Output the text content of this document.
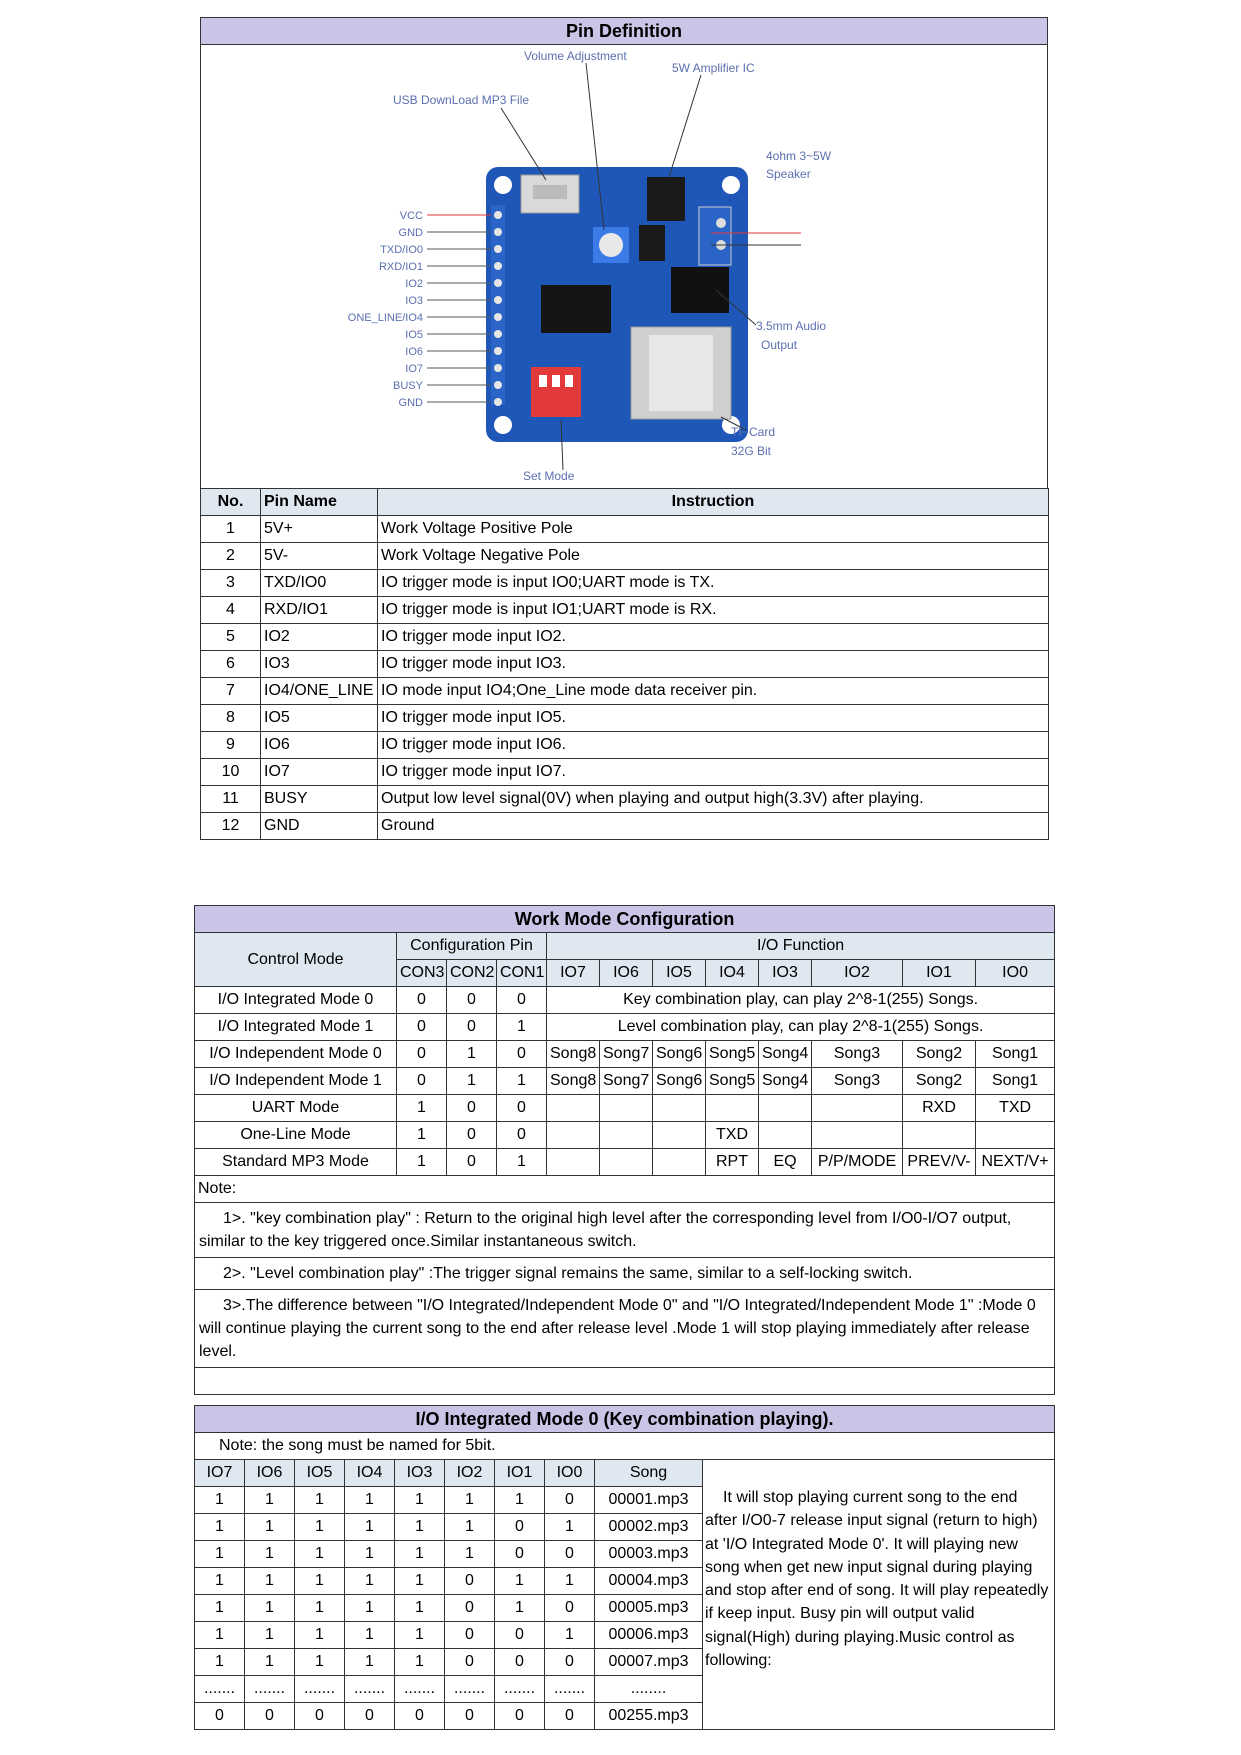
Pin Definition
VCC
GND
TXD/IO0
RXD/IO1
IO2
IO3
ONE_LINE/IO4
IO5
IO6
IO7
BUSY
GND
Volume Adjustment
5W Amplifier IC
USB DownLoad MP3 File
4ohm 3~5W
Speaker
3.5mm Audio
Output
TF Card
32G Bit
Set Mode
No.	Pin Name	Instruction
1	5V+	Work Voltage Positive Pole
2	5V-	Work Voltage Negative Pole
3	TXD/IO0	IO trigger mode is input IO0;UART mode is TX.
4	RXD/IO1	IO trigger mode is input IO1;UART mode is RX.
5	IO2	IO trigger mode input IO2.
6	IO3	IO trigger mode input IO3.
7	IO4/ONE_LINE	IO mode input IO4;One_Line mode data receiver pin.
8	IO5	IO trigger mode input IO5.
9	IO6	IO trigger mode input IO6.
10	IO7	IO trigger mode input IO7.
11	BUSY	Output low level signal(0V) when playing and output high(3.3V) after playing.
12	GND	Ground
Work Mode Configuration											
Control Mode	Configuration Pin			I/O Function							
	CON3	CON2	CON1	IO7	IO6	IO5	IO4	IO3	IO2	IO1	IO0
I/O Integrated Mode 0	0	0	0	Key combination play, can play 2^8-1(255) Songs.							
I/O Integrated Mode 1	0	0	1	Level combination play, can play 2^8-1(255) Songs.							
I/O Independent Mode 0	0	1	0	Song8	Song7	Song6	Song5	Song4	Song3	Song2	Song1
I/O Independent Mode 1	0	1	1	Song8	Song7	Song6	Song5	Song4	Song3	Song2	Song1
UART Mode	1	0	0							RXD	TXD
One-Line Mode	1	0	0				TXD				
Standard MP3 Mode	1	0	1				RPT	EQ	P/P/MODE	PREV/V-	NEXT/V+
Note:											
1>. "key combination play" : Return to the original high level after the corresponding level from I/O0-I/O7 output, similar to the key triggered once.Similar instantaneous switch.											
2>. "Level combination play" :The trigger signal remains the same, similar to a self-locking switch.											
3>.The difference between "I/O Integrated/Independent Mode 0" and "I/O Integrated/Independent Mode 1" :Mode 0 will continue playing the current song to the end after release level .Mode 1 will stop playing immediately after release level.											

I/O Integrated Mode 0 (Key combination playing).									
Note: the song must be named for 5bit.									
IO7	IO6	IO5	IO4	IO3	IO2	IO1	IO0	Song	It will stop playing current song to the end after I/O0-7 release input signal (return to high) at 'I/O Integrated Mode 0'. It will playing new song when get new input signal during playing and stop after end of song. It will play repeatedly if keep input. Busy pin will output valid signal(High) during playing.Music control as following:
1	1	1	1	1	1	1	0	00001.mp3	
1	1	1	1	1	1	0	1	00002.mp3	
1	1	1	1	1	1	0	0	00003.mp3	
1	1	1	1	1	0	1	1	00004.mp3	
1	1	1	1	1	0	1	0	00005.mp3	
1	1	1	1	1	0	0	1	00006.mp3	
1	1	1	1	1	0	0	0	00007.mp3	
.......	.......	.......	.......	.......	.......	.......	.......	........	
0	0	0	0	0	0	0	0	00255.mp3	
